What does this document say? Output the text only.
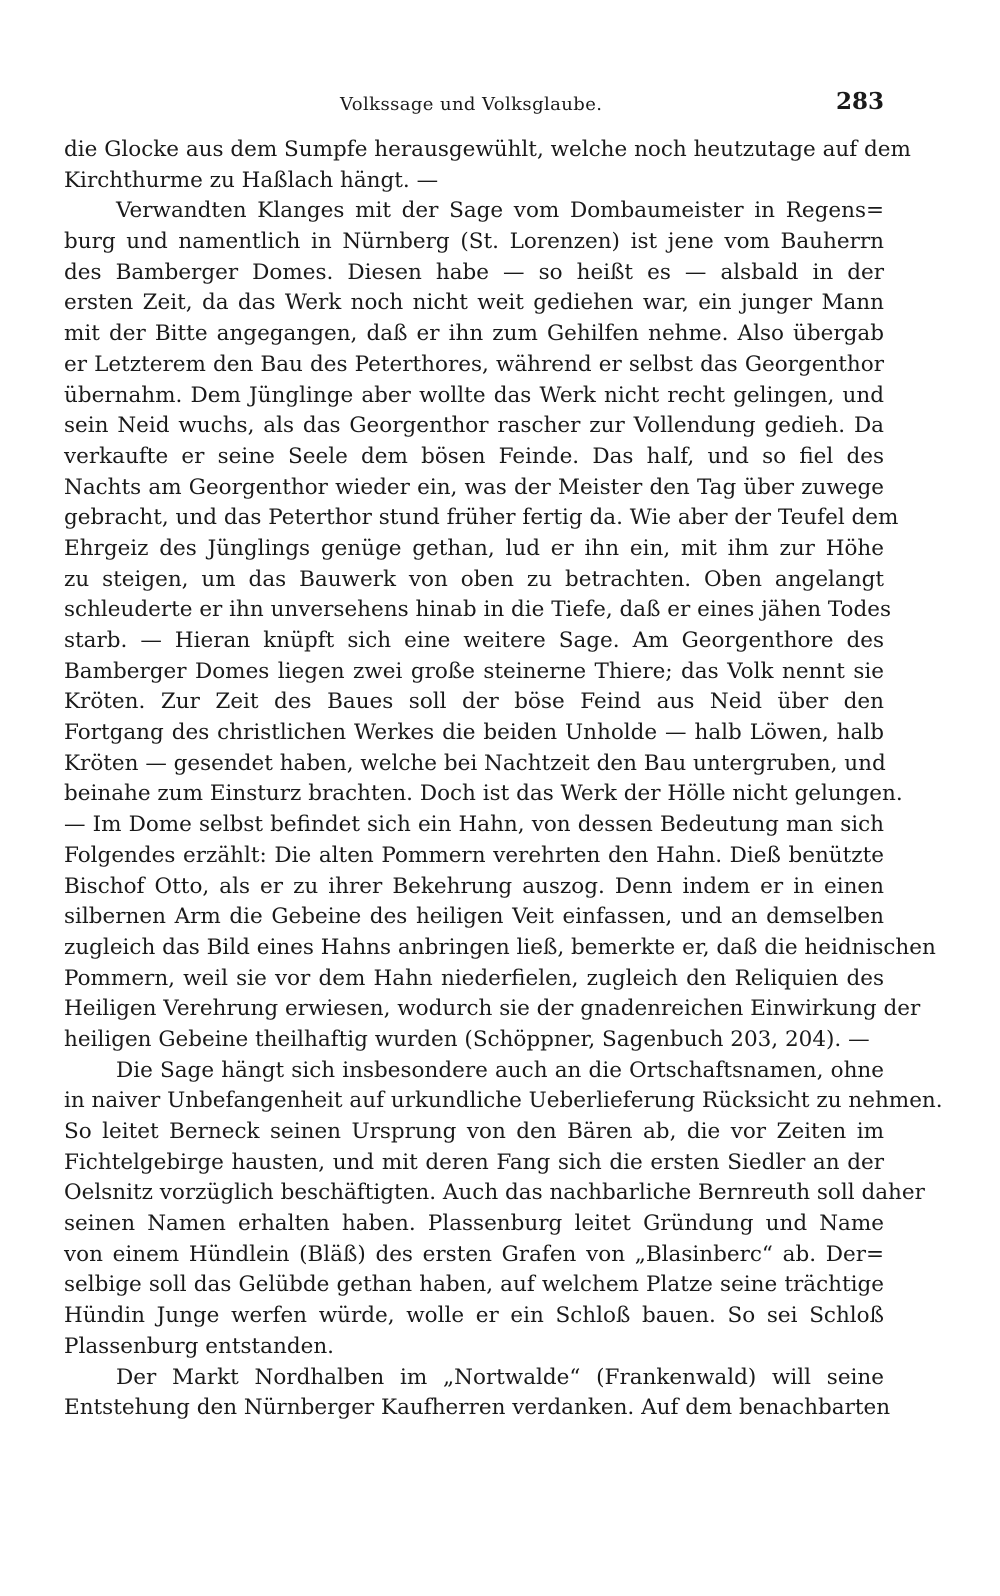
Volkssage und Volksglaube.	283
die Glocke aus dem Sumpfe herausgewühlt, welche noch heutzutage auf dem
Kirchthurme zu Haßlach hängt. —
Verwandten Klanges mit der Sage vom Dombaumeister in Regens=
burg und namentlich in Nürnberg (St. Lorenzen) ist jene vom Bauherrn
des Bamberger Domes. Diesen habe — so heißt es — alsbald in der
ersten Zeit, da das Werk noch nicht weit gediehen war, ein junger Mann
mit der Bitte angegangen, daß er ihn zum Gehilfen nehme. Also übergab
er Letzterem den Bau des Peterthores, während er selbst das Georgenthor
übernahm. Dem Jünglinge aber wollte das Werk nicht recht gelingen, und
sein Neid wuchs, als das Georgenthor rascher zur Vollendung gedieh. Da
verkaufte er seine Seele dem bösen Feinde. Das half, und so fiel des
Nachts am Georgenthor wieder ein, was der Meister den Tag über zuwege
gebracht, und das Peterthor stund früher fertig da. Wie aber der Teufel dem
Ehrgeiz des Jünglings genüge gethan, lud er ihn ein, mit ihm zur Höhe
zu steigen, um das Bauwerk von oben zu betrachten. Oben angelangt
schleuderte er ihn unversehens hinab in die Tiefe, daß er eines jähen Todes
starb. — Hieran knüpft sich eine weitere Sage. Am Georgenthore des
Bamberger Domes liegen zwei große steinerne Thiere; das Volk nennt sie
Kröten. Zur Zeit des Baues soll der böse Feind aus Neid über den
Fortgang des christlichen Werkes die beiden Unholde — halb Löwen, halb
Kröten — gesendet haben, welche bei Nachtzeit den Bau untergruben, und
beinahe zum Einsturz brachten. Doch ist das Werk der Hölle nicht gelungen.
— Im Dome selbst befindet sich ein Hahn, von dessen Bedeutung man sich
Folgendes erzählt: Die alten Pommern verehrten den Hahn. Dieß benützte
Bischof Otto, als er zu ihrer Bekehrung auszog. Denn indem er in einen
silbernen Arm die Gebeine des heiligen Veit einfassen, und an demselben
zugleich das Bild eines Hahns anbringen ließ, bemerkte er, daß die heidnischen
Pommern, weil sie vor dem Hahn niederfielen, zugleich den Reliquien des
Heiligen Verehrung erwiesen, wodurch sie der gnadenreichen Einwirkung der
heiligen Gebeine theilhaftig wurden (Schöppner, Sagenbuch 203, 204). —
Die Sage hängt sich insbesondere auch an die Ortschaftsnamen, ohne
in naiver Unbefangenheit auf urkundliche Ueberlieferung Rücksicht zu nehmen.
So leitet Berneck seinen Ursprung von den Bären ab, die vor Zeiten im
Fichtelgebirge hausten, und mit deren Fang sich die ersten Siedler an der
Oelsnitz vorzüglich beschäftigten. Auch das nachbarliche Bernreuth soll daher
seinen Namen erhalten haben. Plassenburg leitet Gründung und Name
von einem Hündlein (Bläß) des ersten Grafen von „Blasinberc“ ab. Der=
selbige soll das Gelübde gethan haben, auf welchem Platze seine trächtige
Hündin Junge werfen würde, wolle er ein Schloß bauen. So sei Schloß
Plassenburg entstanden.
Der Markt Nordhalben im „Nortwalde“ (Frankenwald) will seine
Entstehung den Nürnberger Kaufherren verdanken. Auf dem benachbarten
